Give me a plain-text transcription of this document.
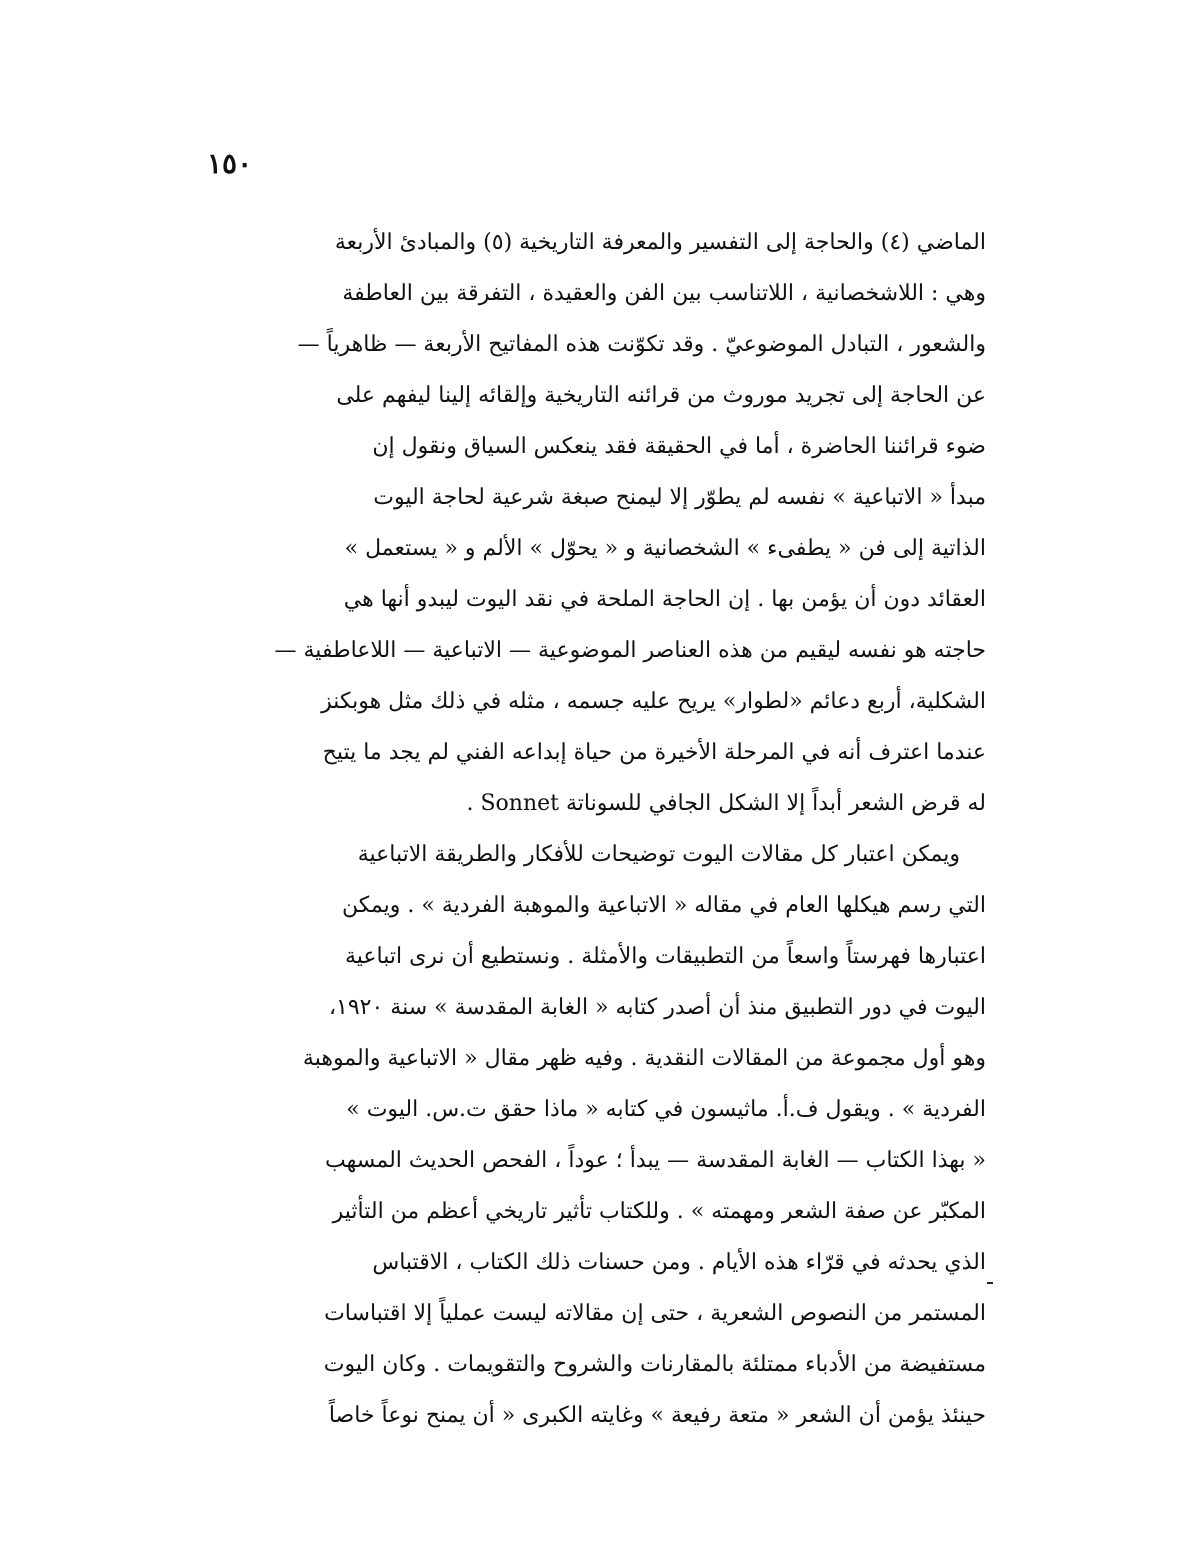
١٥٠
الماضي (٤) والحاجة إلى التفسير والمعرفة التاريخية (٥) والمبادئ الأربعة
وهي : اللاشخصانية ، اللاتناسب بين الفن والعقيدة ، التفرقة بين العاطفة
والشعور ، التبادل الموضوعيّ . وقد تكوّنت هذه المفاتيح الأربعة — ظاهرياً —
عن الحاجة إلى تجريد موروث من قرائنه التاريخية وإلقائه إلينا ليفهم على
ضوء قرائننا الحاضرة ، أما في الحقيقة فقد ينعكس السياق ونقول إن
مبدأ « الاتباعية » نفسه لم يطوّر إلا ليمنح صبغة شرعية لحاجة اليوت
الذاتية إلى فن « يطفىء » الشخصانية و « يحوّل » الألم و « يستعمل »
العقائد دون أن يؤمن بها . إن الحاجة الملحة في نقد اليوت ليبدو أنها هي
حاجته هو نفسه ليقيم من هذه العناصر الموضوعية — الاتباعية — اللاعاطفية —
الشكلية، أربع دعائم «لطوار» يريح عليه جسمه ، مثله في ذلك مثل هوبكنز
عندما اعترف أنه في المرحلة الأخيرة من حياة إبداعه الفني لم يجد ما يتيح
له قرض الشعر أبداً إلا الشكل الجافي للسوناتة Sonnet .
ويمكن اعتبار كل مقالات اليوت توضيحات للأفكار والطريقة الاتباعية
التي رسم هيكلها العام في مقاله « الاتباعية والموهبة الفردية » . ويمكن
اعتبارها فهرستاً واسعاً من التطبيقات والأمثلة . ونستطيع أن نرى اتباعية
اليوت في دور التطبيق منذ أن أصدر كتابه « الغابة المقدسة » سنة ١٩٢٠،
وهو أول مجموعة من المقالات النقدية . وفيه ظهر مقال « الاتباعية والموهبة
الفردية » . ويقول ف.أ. ماثيسون في كتابه « ماذا حقق ت.س. اليوت »
« بهذا الكتاب — الغابة المقدسة — يبدأ ؛ عوداً ، الفحص الحديث المسهب
المكبّر عن صفة الشعر ومهمته » . وللكتاب تأثير تاريخي أعظم من التأثير
الذي يحدثه في قرّاء هذه الأيام . ومن حسنات ذلك الكتاب ، الاقتباس
المستمر من النصوص الشعرية ، حتى إن مقالاته ليست عملياً إلا اقتباسات
مستفيضة من الأدباء ممتلئة بالمقارنات والشروح والتقويمات . وكان اليوت
حينئذ يؤمن أن الشعر « متعة رفيعة » وغايته الكبرى « أن يمنح نوعاً خاصاً
